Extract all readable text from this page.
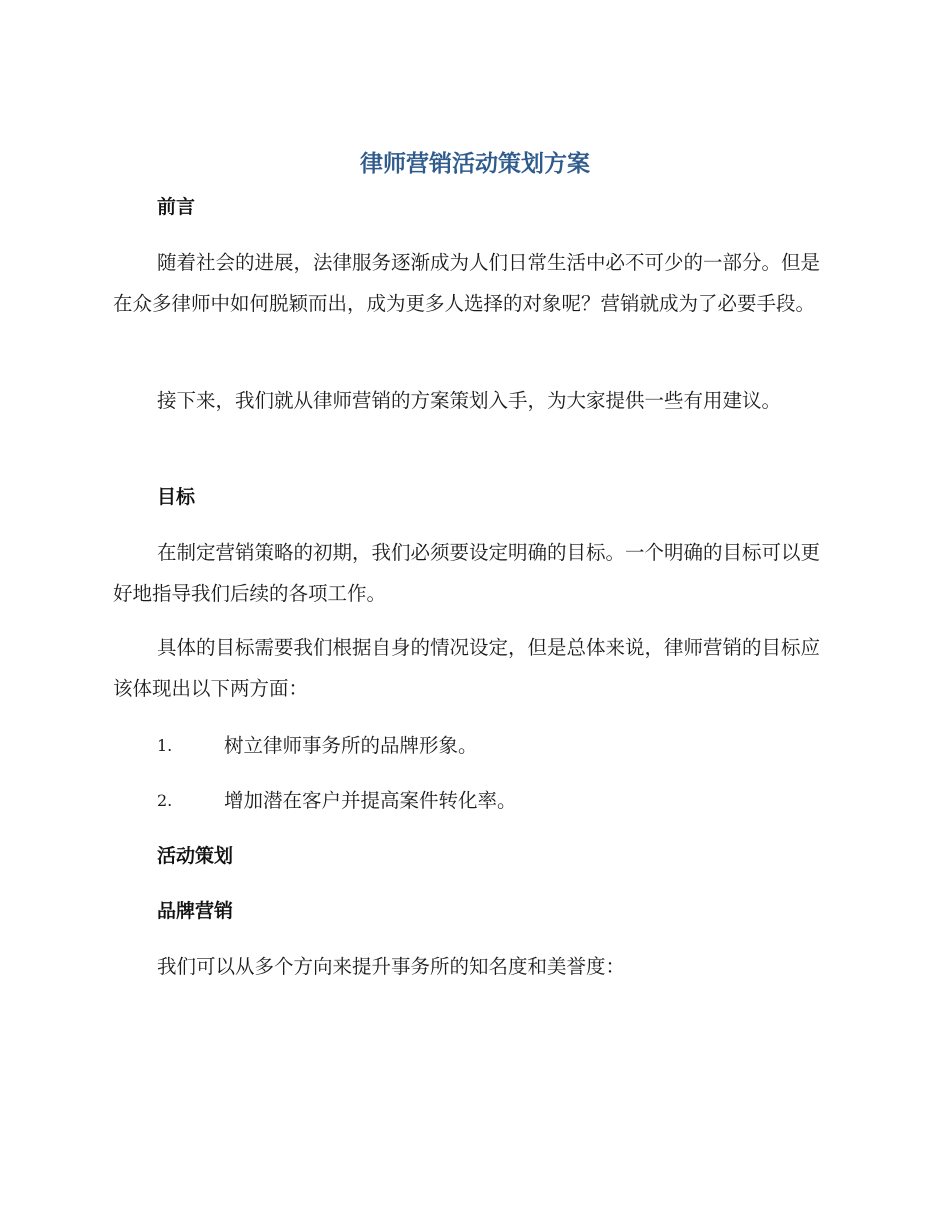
律师营销活动策划方案
前言

随着社会的进展，法律服务逐渐成为人们日常生活中必不可少的一部分。但是在众多律师中如何脱颖而出，成为更多人选择的对象呢？营销就成为了必要手段。

接下来，我们就从律师营销的方案策划入手，为大家提供一些有用建议。

目标

在制定营销策略的初期，我们必须要设定明确的目标。一个明确的目标可以更好地指导我们后续的各项工作。

具体的目标需要我们根据自身的情况设定，但是总体来说，律师营销的目标应该体现出以下两方面：

1.	树立律师事务所的品牌形象。
2.	增加潜在客户并提高案件转化率。
活动策划
品牌营销

我们可以从多个方向来提升事务所的知名度和美誉度：
